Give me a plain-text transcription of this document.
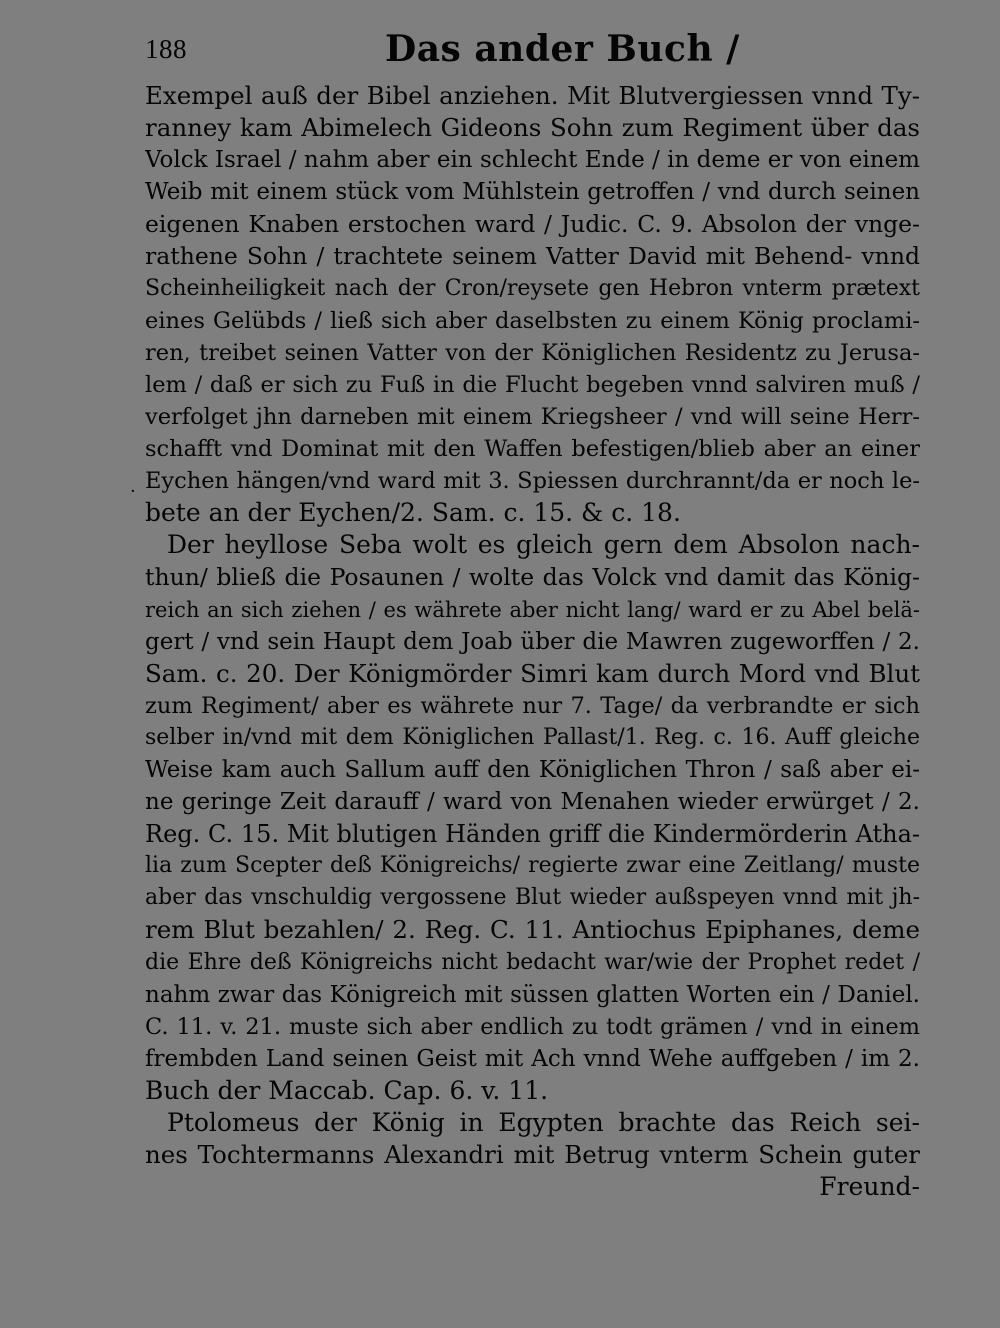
188	Das ander Buch /
·
Exempel auß der Bibel anziehen. Mit Blutvergiessen vnnd Ty-
ranney kam Abimelech Gideons Sohn zum Regiment über das
Volck Israel / nahm aber ein schlecht Ende / in deme er von einem
Weib mit einem stück vom Mühlstein getroffen / vnd durch seinen
eigenen Knaben erstochen ward / Judic. C. 9. Absolon der vnge-
rathene Sohn / trachtete seinem Vatter David mit Behend- vnnd
Scheinheiligkeit nach der Cron/reysete gen Hebron vnterm prætext
eines Gelübds / ließ sich aber daselbsten zu einem König proclami-
ren, treibet seinen Vatter von der Königlichen Residentz zu Jerusa-
lem / daß er sich zu Fuß in die Flucht begeben vnnd salviren muß /
verfolget jhn darneben mit einem Kriegsheer / vnd will seine Herr-
schafft vnd Dominat mit den Waffen befestigen/blieb aber an einer
Eychen hängen/vnd ward mit 3. Spiessen durchrannt/da er noch le-
bete an der Eychen/2. Sam. c. 15. & c. 18.
Der heyllose Seba wolt es gleich gern dem Absolon nach-
thun/ bließ die Posaunen / wolte das Volck vnd damit das König-
reich an sich ziehen / es währete aber nicht lang/ ward er zu Abel belä-
gert / vnd sein Haupt dem Joab über die Mawren zugeworffen / 2.
Sam. c. 20. Der Königmörder Simri kam durch Mord vnd Blut
zum Regiment/ aber es währete nur 7. Tage/ da verbrandte er sich
selber in/vnd mit dem Königlichen Pallast/1. Reg. c. 16. Auff gleiche
Weise kam auch Sallum auff den Königlichen Thron / saß aber ei-
ne geringe Zeit darauff / ward von Menahen wieder erwürget / 2.
Reg. C. 15. Mit blutigen Händen griff die Kindermörderin Atha-
lia zum Scepter deß Königreichs/ regierte zwar eine Zeitlang/ muste
aber das vnschuldig vergossene Blut wieder außspeyen vnnd mit jh-
rem Blut bezahlen/ 2. Reg. C. 11. Antiochus Epiphanes, deme
die Ehre deß Königreichs nicht bedacht war/wie der Prophet redet /
nahm zwar das Königreich mit süssen glatten Worten ein / Daniel.
C. 11. v. 21. muste sich aber endlich zu todt grämen / vnd in einem
frembden Land seinen Geist mit Ach vnnd Wehe auffgeben / im 2.
Buch der Maccab. Cap. 6. v. 11.
Ptolomeus der König in Egypten brachte das Reich sei-
nes Tochtermanns Alexandri mit Betrug vnterm Schein guter
Freund-
